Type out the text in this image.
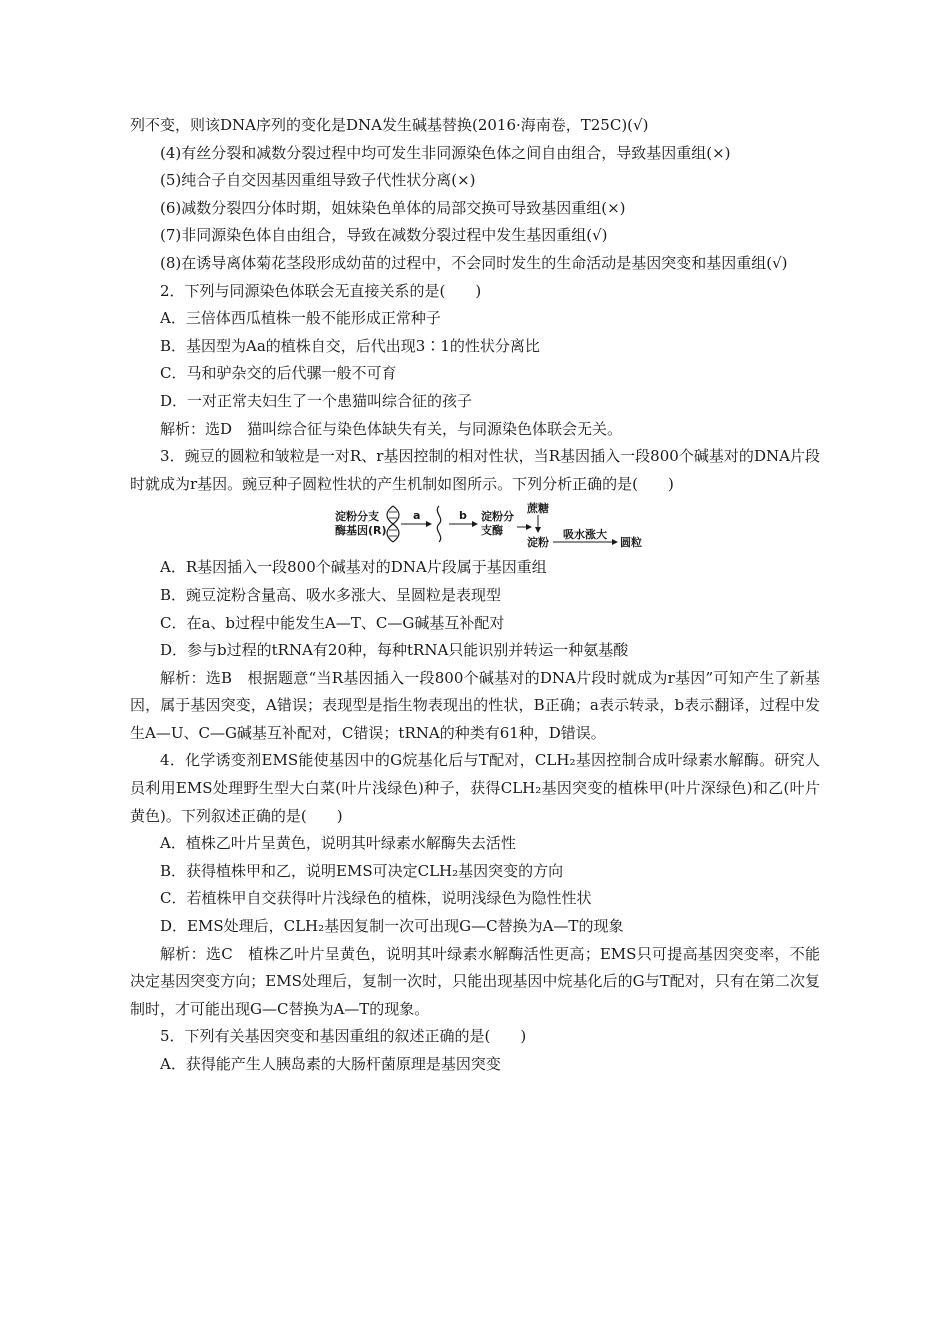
列不变，则该DNA序列的变化是DNA发生碱基替换(2016·海南卷，T25C)(√)

(4)有丝分裂和减数分裂过程中均可发生非同源染色体之间自由组合，导致基因重组(×)

(5)纯合子自交因基因重组导致子代性状分离(×)

(6)减数分裂四分体时期，姐妹染色单体的局部交换可导致基因重组(×)

(7)非同源染色体自由组合，导致在减数分裂过程中发生基因重组(√)

(8)在诱导离体菊花茎段形成幼苗的过程中，不会同时发生的生命活动是基因突变和基因重组(√)

2．下列与同源染色体联会无直接关系的是(　　)

A．三倍体西瓜植株一般不能形成正常种子

B．基因型为Aa的植株自交，后代出现3∶1的性状分离比

C．马和驴杂交的后代骡一般不可育

D．一对正常夫妇生了一个患猫叫综合征的孩子

解析：选D　猫叫综合征与染色体缺失有关，与同源染色体联会无关。

3．豌豆的圆粒和皱粒是一对R、r基因控制的相对性状，当R基因插入一段800个碱基对的DNA片段时就成为r基因。豌豆种子圆粒性状的产生机制如图所示。下列分析正确的是(　　)

淀粉分支
酶基因(R)
a	b 淀粉分
支酶
蔗糖
淀粉
吸水涨大
圆粒

A．R基因插入一段800个碱基对的DNA片段属于基因重组

B．豌豆淀粉含量高、吸水多涨大、呈圆粒是表现型

C．在a、b过程中能发生A—T、C—G碱基互补配对

D．参与b过程的tRNA有20种，每种tRNA只能识别并转运一种氨基酸

解析：选B　根据题意“当R基因插入一段800个碱基对的DNA片段时就成为r基因”可知产生了新基因，属于基因突变，A错误；表现型是指生物表现出的性状，B正确；a表示转录，b表示翻译，过程中发生A—U、C—G碱基互补配对，C错误；tRNA的种类有61种，D错误。

4．化学诱变剂EMS能使基因中的G烷基化后与T配对，CLH₂基因控制合成叶绿素水解酶。研究人员利用EMS处理野生型大白菜(叶片浅绿色)种子，获得CLH₂基因突变的植株甲(叶片深绿色)和乙(叶片黄色)。下列叙述正确的是(　　)

A．植株乙叶片呈黄色，说明其叶绿素水解酶失去活性

B．获得植株甲和乙，说明EMS可决定CLH₂基因突变的方向

C．若植株甲自交获得叶片浅绿色的植株，说明浅绿色为隐性性状

D．EMS处理后，CLH₂基因复制一次可出现G—C替换为A—T的现象

解析：选C　植株乙叶片呈黄色，说明其叶绿素水解酶活性更高；EMS只可提高基因突变率，不能决定基因突变方向；EMS处理后，复制一次时，只能出现基因中烷基化后的G与T配对，只有在第二次复制时，才可能出现G—C替换为A—T的现象。

5．下列有关基因突变和基因重组的叙述正确的是(　　)

A．获得能产生人胰岛素的大肠杆菌原理是基因突变
